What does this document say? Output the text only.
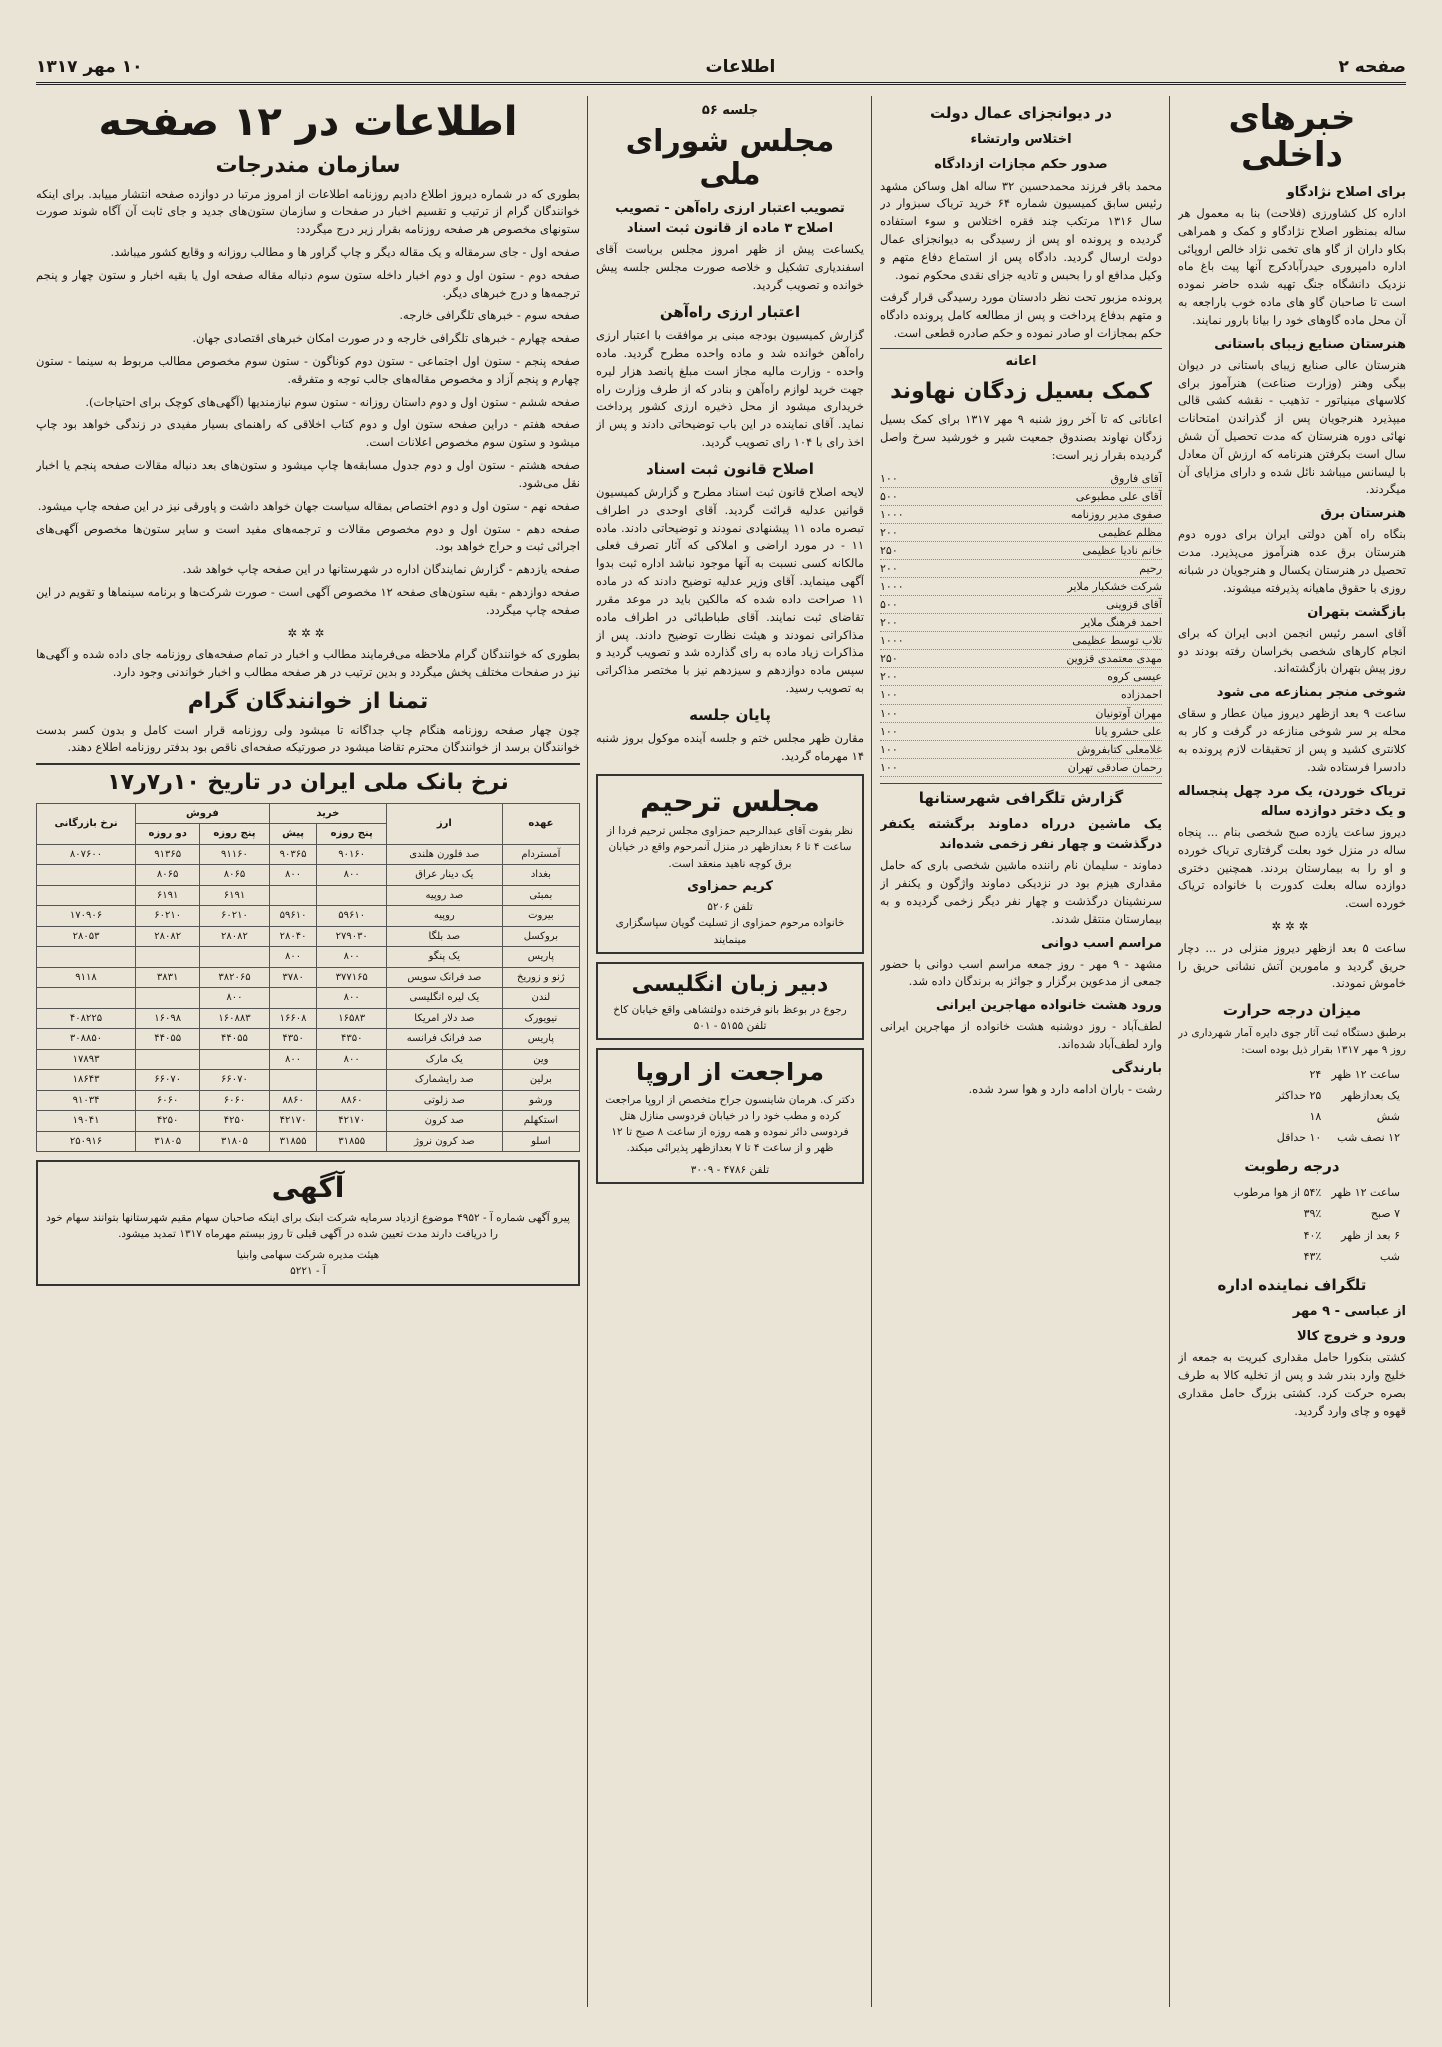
صفحه ۲
اطلاعات
۱۰ مهر ۱۳۱۷
خبرهای داخلی
برای اصلاح نژادگاو

اداره کل کشاورزی (فلاحت) بنا به معمول هر ساله بمنظور اصلاح نژادگاو و کمک و همراهی بکاو داران از گاو های تخمی نژاد خالص اروپائی اداره دامپروری حیدرآبادکرج آنها پیت باغ ماه نزدیک دانشگاه جنگ تهیه شده حاضر نموده است تا صاحبان گاو های ماده خوب باراجعه به آن محل ماده گاوهای خود را بیانا بارور نمایند.

هنرستان صنایع زیبای باستانی

هنرستان عالی صنایع زیبای باستانی در دیوان بیگی وهنر (وزارت صناعت) هنرآموز برای کلاسهای مینیاتور - تذهیب - نقشه کشی قالی میپذیرد هنرجویان پس از گذراندن امتحانات نهائی دوره هنرستان که مدت تحصیل آن شش سال است بکرفتن هنرنامه که ارزش آن معادل با لیسانس میباشد نائل شده و دارای مزایای آن میگردند.

هنرستان برق

بنگاه راه آهن دولتی ایران برای دوره دوم هنرستان برق عده هنرآموز می‌پذیرد. مدت تحصیل در هنرستان یکسال و هنرجویان در شبانه روزی با حقوق ماهیانه پذیرفته میشوند.

بازگشت بتهران

آقای اسمر رئیس انجمن ادبی ایران که برای انجام کارهای شخصی بخراسان رفته بودند دو روز پیش بتهران بازگشته‌اند.

شوخی منجر بمنازعه می شود

ساعت ۹ بعد ازظهر دیروز میان عطار و سقای محله بر سر شوخی منازعه در گرفت و کار به کلانتری کشید و پس از تحقیقات لازم پرونده به دادسرا فرستاده شد.

تریاک خوردن، یک مرد چهل پنجساله و یک دختر دوازده ساله

دیروز ساعت یازده صبح شخصی بنام ... پنجاه ساله در منزل خود بعلت گرفتاری تریاک خورده و او را به بیمارستان بردند. همچنین دختری دوازده ساله بعلت کدورت با خانواده تریاک خورده است.

✲✲✲

ساعت ۵ بعد ازظهر دیروز منزلی در ... دچار حریق گردید و مامورین آتش نشانی حریق را خاموش نمودند.

میزان درجه حرارت

برطبق دستگاه ثبت آثار جوی دایره آمار شهرداری در روز ۹ مهر ۱۳۱۷ بقرار ذیل بوده است:

ساعت ۱۲ ظهر	۲۴
یک بعدازظهر	۲۵ حداکثر
شش	۱۸
۱۲ نصف شب	۱۰ حداقل
درجه رطوبت
ساعت ۱۲ ظهر	۵۴٪ از هوا مرطوب
۷ صبح	۳۹٪
۶ بعد از ظهر	۴۰٪
شب	۴۳٪
تلگراف نماینده اداره
از عباسی - ۹ مهر
ورود و خروج کالا

کشتی بنکورا حامل مقداری کبریت به جمعه از خلیج وارد بندر شد و پس از تخلیه کالا به طرف بصره حرکت کرد. کشتی بزرگ حامل مقداری قهوه و چای وارد گردید.

در دیوانجزای عمال دولت
اختلاس وارتشاء
صدور حکم مجازات ازدادگاه

محمد باقر فرزند محمدحسین ۳۲ ساله اهل وساکن مشهد رئیس سابق کمیسیون شماره ۶۴ خرید تریاک سبزوار در سال ۱۳۱۶ مرتکب چند فقره اختلاس و سوء استفاده گردیده و پرونده او پس از رسیدگی به دیوانجزای عمال دولت ارسال گردید. دادگاه پس از استماع دفاع متهم و وکیل مدافع او را بحبس و تادیه جزای نقدی محکوم نمود.

پرونده مزبور تحت نظر دادستان مورد رسیدگی قرار گرفت و متهم بدفاع پرداخت و پس از مطالعه کامل پرونده دادگاه حکم بمجازات او صادر نموده و حکم صادره قطعی است.

اعانه
کمک بسیل زدگان نهاوند

اعاناتی که تا آخر روز شنبه ۹ مهر ۱۳۱۷ برای کمک بسیل زدگان نهاوند بصندوق جمعیت شیر و خورشید سرخ واصل گردیده بقرار زیر است:

آقای فاروق
۱۰۰
آقای علی مطبوعی
۵۰۰
صفوی مدیر روزنامه
۱۰۰۰
مظلم عظیمی
۲۰۰
خانم نادیا عظیمی
۲۵۰
رحیم
۲۰۰
شرکت خشکبار ملایر
۱۰۰۰
آقای قزوینی
۵۰۰
احمد فرهنگ ملایر
۲۰۰
تلاب توسط عظیمی
۱۰۰۰
مهدی معتمدی قزوین
۲۵۰
عیسی کروه
۲۰۰
احمدزاده
۱۰۰
مهران آوتونیان
۱۰۰
علی حشرو یانا
۱۰۰
غلامعلی کتابفروش
۱۰۰
رحمان صادقی تهران
۱۰۰
گزارش تلگرافی شهرستانها
یک ماشین درراه دماوند برگشته یکنفر درگذشت و چهار نفر زخمی شده‌اند

دماوند - سلیمان نام راننده ماشین شخصی باری که حامل مقداری هیزم بود در نزدیکی دماوند واژگون و یکنفر از سرنشینان درگذشت و چهار نفر دیگر زخمی گردیده و به بیمارستان منتقل شدند.

مراسم اسب دوانی

مشهد - ۹ مهر - روز جمعه مراسم اسب دوانی با حضور جمعی از مدعوین برگزار و جوائز به برندگان داده شد.

ورود هشت خانواده مهاجرین ایرانی

لطف‌آباد - روز دوشنبه هشت خانواده از مهاجرین ایرانی وارد لطف‌آباد شده‌اند.

بارندگی

رشت - باران ادامه دارد و هوا سرد شده.

جلسه ۵۶
مجلس شورای ملی
تصویب اعتبار ارزی راه‌آهن - تصویب اصلاح ۳ ماده از قانون ثبت اسناد

یکساعت پیش از ظهر امروز مجلس بریاست آقای اسفندیاری تشکیل و خلاصه صورت مجلس جلسه پیش خوانده و تصویب گردید.

اعتبار ارزی راه‌آهن

گزارش کمیسیون بودجه مبنی بر موافقت با اعتبار ارزی راه‌آهن خوانده شد و ماده واحده مطرح گردید. ماده واحده - وزارت مالیه مجاز است مبلغ پانصد هزار لیره جهت خرید لوازم راه‌آهن و بنادر که از طرف وزارت راه خریداری میشود از محل ذخیره ارزی کشور پرداخت نماید. آقای نماینده در این باب توضیحاتی دادند و پس از اخذ رای با ۱۰۴ رای تصویب گردید.

اصلاح قانون ثبت اسناد

لایحه اصلاح قانون ثبت اسناد مطرح و گزارش کمیسیون قوانین عدلیه قرائت گردید. آقای اوحدی در اطراف تبصره ماده ۱۱ پیشنهادی نمودند و توضیحاتی دادند. ماده ۱۱ - در مورد اراضی و املاکی که آثار تصرف فعلی مالکانه کسی نسبت به آنها موجود نباشد اداره ثبت بدوا آگهی مینماید. آقای وزیر عدلیه توضیح دادند که در ماده ۱۱ صراحت داده شده که مالکین باید در موعد مقرر تقاضای ثبت نمایند. آقای طباطبائی در اطراف ماده مذاکراتی نمودند و هیئت نظارت توضیح دادند. پس از مذاکرات زیاد ماده به رای گذارده شد و تصویب گردید و سپس ماده دوازدهم و سیزدهم نیز با مختصر مذاکراتی به تصویب رسید.

پایان جلسه

مقارن ظهر مجلس ختم و جلسه آینده موکول بروز شنبه ۱۴ مهرماه گردید.

مجلس ترحیم

نظر بفوت آقای عبدالرحیم حمزاوی مجلس ترحیم فردا از ساعت ۴ تا ۶ بعدازظهر در منزل آنمرحوم واقع در خیابان برق کوچه ناهید منعقد است.

کریم حمزاوی
تلفن ۵۲۰۶
خانواده مرحوم حمزاوی از تسلیت گویان سپاسگزاری مینمایند
دبیر زبان انگلیسی
رجوع در بوعظ بانو فرخنده دولتشاهی واقع خیابان کاخ
تلفن ۵۱۵۵ - ۵۰۱
مراجعت از اروپا

دکتر ک. هرمان شاینسون جراح متخصص از اروپا مراجعت کرده و مطب خود را در خیابان فردوسی منازل هتل فردوسی دائر نموده و همه روزه از ساعت ۸ صبح تا ۱۲ ظهر و از ساعت ۴ تا ۷ بعدازظهر پذیرائی میکند.

تلفن ۴۷۸۶ - ۳۰۰۹
اطلاعات در ۱۲ صفحه
سازمان مندرجات

بطوری که در شماره دیروز اطلاع دادیم روزنامه اطلاعات از امروز مرتبا در دوازده صفحه انتشار مییابد. برای اینکه خوانندگان گرام از ترتیب و تقسیم اخبار در صفحات و سازمان ستون‌های جدید و جای ثابت آن آگاه شوند صورت ستونهای مخصوص هر صفحه روزنامه بقرار زیر درج میگردد:

صفحه اول - جای سرمقاله و یک مقاله دیگر و چاپ گراور ها و مطالب روزانه و وقایع کشور میباشد.

صفحه دوم - ستون اول و دوم اخبار داخله ستون سوم دنباله مقاله صفحه اول یا بقیه اخبار و ستون چهار و پنجم ترجمه‌ها و درج خبرهای دیگر.

صفحه سوم - خبرهای تلگرافی خارجه.

صفحه چهارم - خبرهای تلگرافی خارجه و در صورت امکان خبرهای اقتصادی جهان.

صفحه پنجم - ستون اول اجتماعی - ستون دوم کوناگون - ستون سوم مخصوص مطالب مربوط به سینما - ستون چهارم و پنجم آزاد و مخصوص مقاله‌های جالب توجه و متفرقه.

صفحه ششم - ستون اول و دوم داستان روزانه - ستون سوم نیازمندیها (آگهی‌های کوچک برای احتیاجات).

صفحه هفتم - دراین صفحه ستون اول و دوم کتاب اخلاقی که راهنمای بسیار مفیدی در زندگی خواهد بود چاپ میشود و ستون سوم مخصوص اعلانات است.

صفحه هشتم - ستون اول و دوم جدول مسابقه‌ها چاپ میشود و ستون‌های بعد دنباله مقالات صفحه پنجم یا اخبار نقل می‌شود.

صفحه نهم - ستون اول و دوم اختصاص بمقاله سیاست جهان خواهد داشت و پاورقی نیز در این صفحه چاپ میشود.

صفحه دهم - ستون اول و دوم مخصوص مقالات و ترجمه‌های مفید است و سایر ستون‌ها مخصوص آگهی‌های اجرائی ثبت و حراج خواهد بود.

صفحه یازدهم - گزارش نمایندگان اداره در شهرستانها در این صفحه چاپ خواهد شد.

صفحه دوازدهم - بقیه ستون‌های صفحه ۱۲ مخصوص آگهی است - صورت شرکت‌ها و برنامه سینماها و تقویم در این صفحه چاپ میگردد.

✲✲✲

بطوری که خوانندگان گرام ملاحظه می‌فرمایند مطالب و اخبار در تمام صفحه‌های روزنامه جای داده شده و آگهی‌ها نیز در صفحات مختلف پخش میگردد و بدین ترتیب در هر صفحه مطالب و اخبار خواندنی وجود دارد.

تمنا از خوانندگان گرام

چون چهار صفحه روزنامه هنگام چاپ جداگانه تا میشود ولی روزنامه قرار است کامل و بدون کسر بدست خوانندگان برسد از خوانندگان محترم تقاضا میشود در صورتیکه صفحه‌ای ناقص بود بدفتر روزنامه اطلاع دهند.

نرخ بانک ملی ایران در تاریخ ۱۰ر۷ر۱۷
عهده	ارز	خرید		فروش		نرخ بازرگانی
		پنج روزه	پیش	پنج روزه	دو روزه	
آمستردام	صد فلورن هلندی	۹۰۱۶۰	۹۰۳۶۵	۹۱۱۶۰	۹۱۳۶۵	۸۰۷۶۰۰
بغداد	یک دینار عراق	۸۰۰	۸۰۰	۸۰۶۵	۸۰۶۵	
بمبئی	صد روپیه			۶۱۹۱	۶۱۹۱	
بیروت	روپیه	۵۹۶۱۰	۵۹۶۱۰	۶۰۲۱۰	۶۰۲۱۰	۱۷۰۹۰۶
بروکسل	صد بلگا	۲۷۹۰۳۰	۲۸۰۴۰	۲۸۰۸۲	۲۸۰۸۲	۲۸۰۵۳
پاریس	یک پنگو	۸۰۰	۸۰۰			
ژنو و زوریخ	صد فرانک سویس	۳۷۷۱۶۵	۳۷۸۰	۳۸۲۰۶۵	۳۸۳۱	۹۱۱۸
لندن	یک لیره انگلیسی	۸۰۰		۸۰۰		
نیویورک	صد دلار امریکا	۱۶۵۸۳	۱۶۶۰۸	۱۶۰۸۸۳	۱۶۰۹۸	۴۰۸۲۲۵
پاریس	صد فرانک فرانسه	۴۳۵۰	۴۳۵۰	۴۴۰۵۵	۴۴۰۵۵	۳۰۸۸۵۰
وین	یک مارک	۸۰۰	۸۰۰			۱۷۸۹۳
برلین	صد رایشمارک			۶۶۰۷۰	۶۶۰۷۰	۱۸۶۴۳
ورشو	صد زلوتی	۸۸۶۰	۸۸۶۰	۶۰۶۰	۶۰۶۰	۹۱۰۳۴
استکهلم	صد کرون	۴۲۱۷۰	۴۲۱۷۰	۴۲۵۰	۴۲۵۰	۱۹۰۴۱
اسلو	صد کرون نروژ	۳۱۸۵۵	۳۱۸۵۵	۳۱۸۰۵	۳۱۸۰۵	۲۵۰۹۱۶
آگهی

پیرو آگهی شماره آ - ۴۹۵۲ موضوع ازدیاد سرمایه شرکت ابنک برای اینکه صاحبان سهام مقیم شهرستانها بتوانند سهام خود را دریافت دارند مدت تعیین شده در آگهی قبلی تا روز بیستم مهرماه ۱۳۱۷ تمدید میشود.

هیئت مدیره شرکت سهامی وابنیا
آ - ۵۲۲۱
